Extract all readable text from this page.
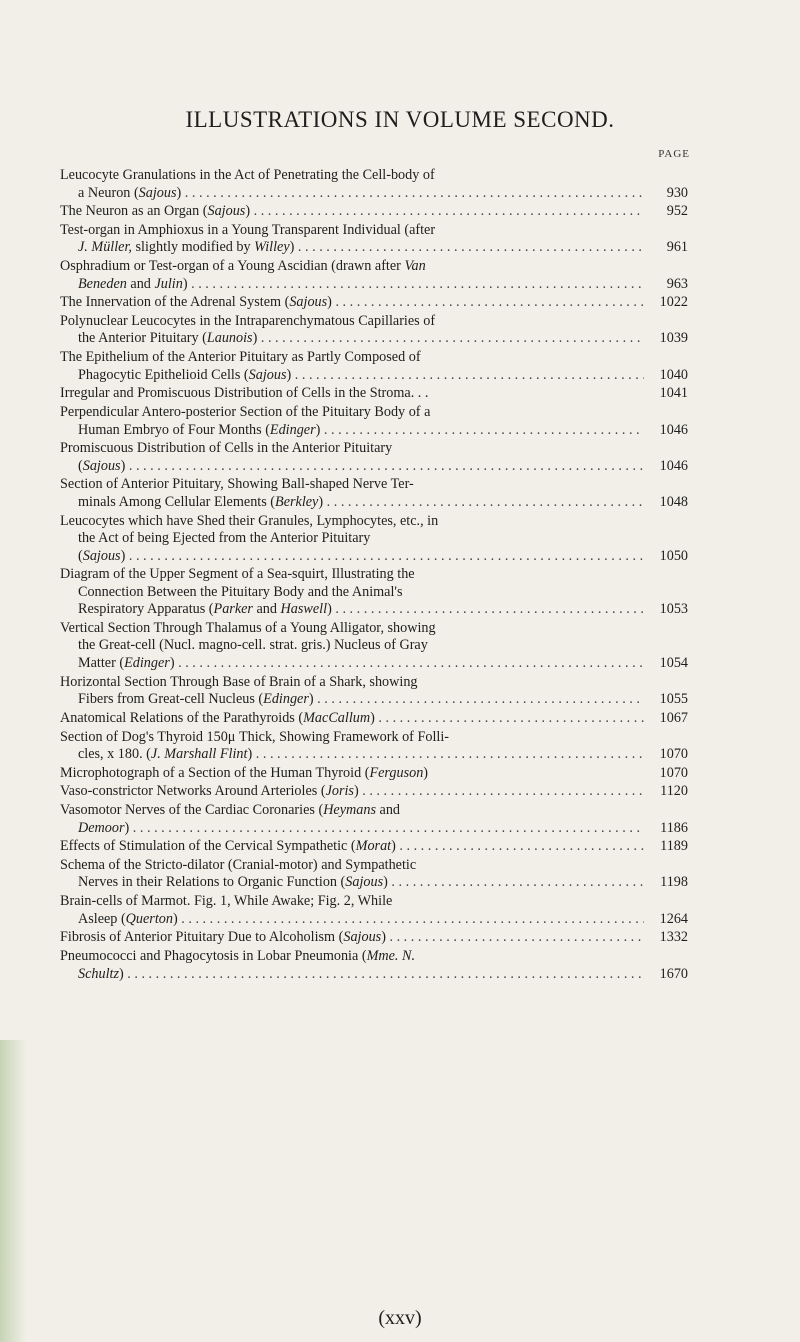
ILLUSTRATIONS IN VOLUME SECOND.
PAGE
Leucocyte Granulations in the Act of Penetrating the Cell-body of
a Neuron (Sajous) . . .	930
The Neuron as an Organ (Sajous) . . .	952
Test-organ in Amphioxus in a Young Transparent Individual (after
J. Müller, slightly modified by Willey) . . .	961
Osphradium or Test-organ of a Young Ascidian (drawn after Van
Beneden and Julin) . . .	963
The Innervation of the Adrenal System (Sajous) . . .	1022
Polynuclear Leucocytes in the Intraparenchymatous Capillaries of
the Anterior Pituitary (Launois) . . .	1039
The Epithelium of the Anterior Pituitary as Partly Composed of
Phagocytic Epithelioid Cells (Sajous) . . .	1040
Irregular and Promiscuous Distribution of Cells in the Stroma. . .	1041
Perpendicular Antero-posterior Section of the Pituitary Body of a
Human Embryo of Four Months (Edinger) . . .	1046
Promiscuous Distribution of Cells in the Anterior Pituitary
(Sajous) . . .	1046
Section of Anterior Pituitary, Showing Ball-shaped Nerve Ter-
minals Among Cellular Elements (Berkley) . . .	1048
Leucocytes which have Shed their Granules, Lymphocytes, etc., in
the Act of being Ejected from the Anterior Pituitary
(Sajous) . . .	1050
Diagram of the Upper Segment of a Sea-squirt, Illustrating the
Connection Between the Pituitary Body and the Animal's
Respiratory Apparatus (Parker and Haswell) . . .	1053
Vertical Section Through Thalamus of a Young Alligator, showing
the Great-cell (Nucl. magno-cell. strat. gris.) Nucleus of Gray
Matter (Edinger) . . .	1054
Horizontal Section Through Base of Brain of a Shark, showing
Fibers from Great-cell Nucleus (Edinger) . . .	1055
Anatomical Relations of the Parathyroids (MacCallum) . . .	1067
Section of Dog's Thyroid 150μ Thick, Showing Framework of Folli-
cles, x 180. (J. Marshall Flint) . . .	1070
Microphotograph of a Section of the Human Thyroid (Ferguson)	1070
Vaso-constrictor Networks Around Arterioles (Joris) . . .	1120
Vasomotor Nerves of the Cardiac Coronaries (Heymans and
Demoor) . . .	1186
Effects of Stimulation of the Cervical Sympathetic (Morat) . . .	1189
Schema of the Stricto-dilator (Cranial-motor) and Sympathetic
Nerves in their Relations to Organic Function (Sajous) . . .	1198
Brain-cells of Marmot. Fig. 1, While Awake; Fig. 2, While
Asleep (Querton) . . .	1264
Fibrosis of Anterior Pituitary Due to Alcoholism (Sajous) . . .	1332
Pneumococci and Phagocytosis in Lobar Pneumonia (Mme. N.
Schultz) . . .	1670
(xxv)
